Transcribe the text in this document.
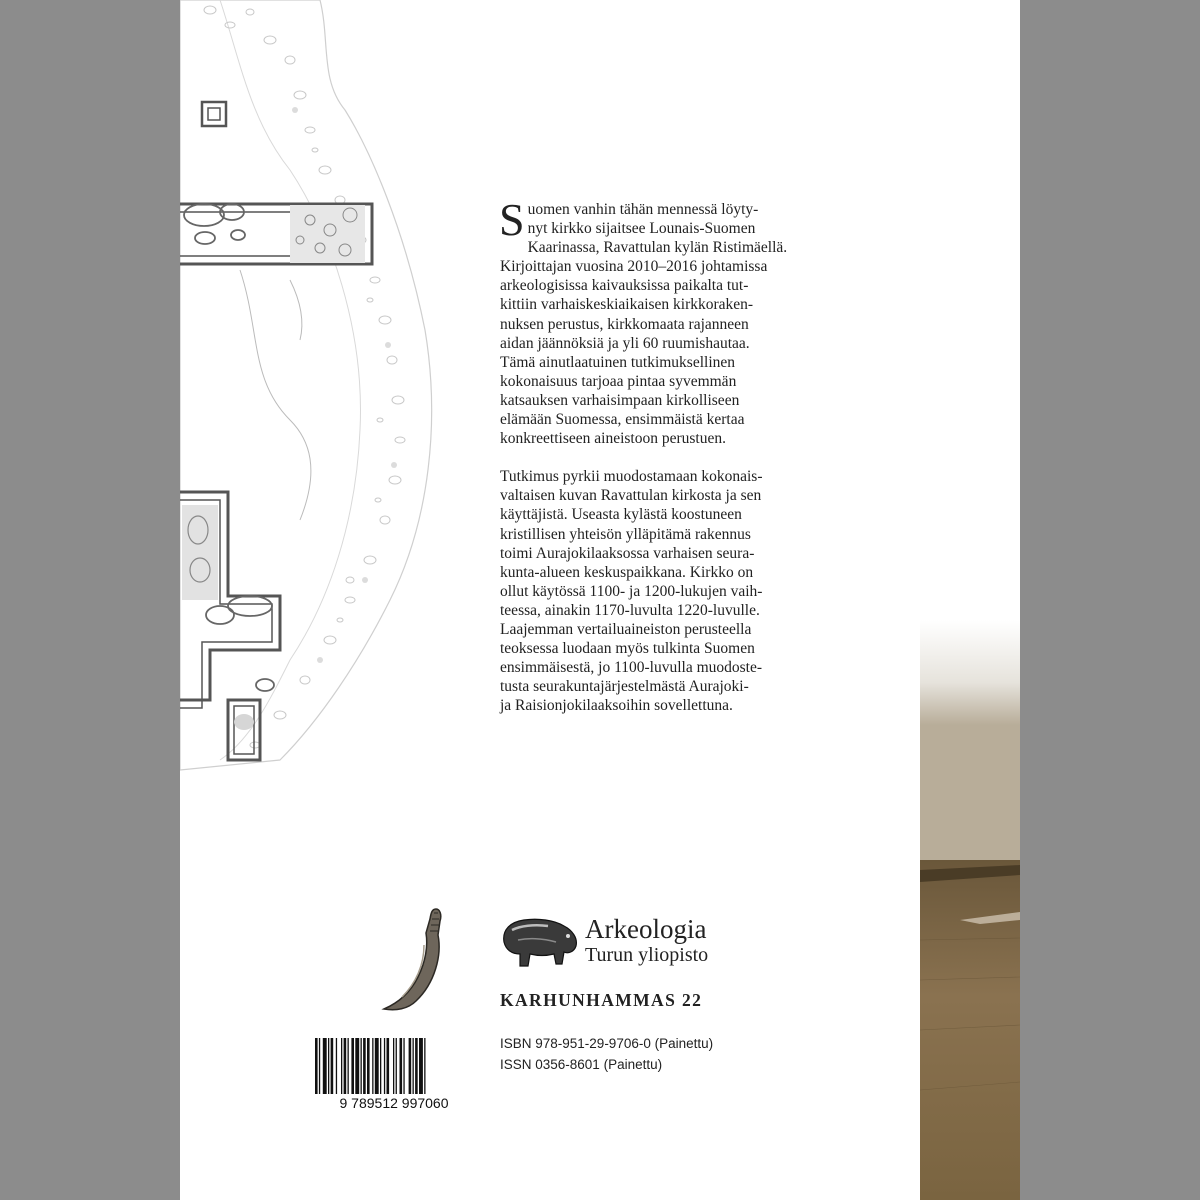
S uomen vanhin tähän mennessä löyty-
nyt kirkko sijaitsee Lounais-Suomen
Kaarinassa, Ravattulan kylän Ristimäellä.
Kirjoittajan vuosina 2010–2016 johtamissa
arkeologisissa kaivauksissa paikalta tut-
kittiin varhaiskeskiaikaisen kirkkoraken-
nuksen perustus, kirkkomaata rajanneen
aidan jäännöksiä ja yli 60 ruumishautaa.
Tämä ainutlaatuinen tutkimuksellinen
kokonaisuus tarjoaa pintaa syvemmän
katsauksen varhaisimpaan kirkolliseen
elämään Suomessa, ensimmäistä kertaa
konkreettiseen aineistoon perustuen.

Tutkimus pyrkii muodostamaan kokonais-
valtaisen kuvan Ravattulan kirkosta ja sen
käyttäjistä. Useasta kylästä koostuneen
kristillisen yhteisön ylläpitämä rakennus
toimi Aurajokilaaksossa varhaisen seura-
kunta-alueen keskuspaikkana. Kirkko on
ollut käytössä 1100- ja 1200-lukujen vaih-
teessa, ainakin 1170-luvulta 1220-luvulle.
Laajemman vertailuaineiston perusteella
teoksessa luodaan myös tulkinta Suomen
ensimmäisestä, jo 1100-luvulla muodoste-
tusta seurakuntajärjestelmästä Aurajoki-
ja Raisionjokilaaksoihin sovellettuna.

Arkeologia
Turun yliopisto
KARHUNHAMMAS 22
ISBN 978-951-29-9706-0 (Painettu)
ISSN 0356-8601 (Painettu)
9 789512 997060
